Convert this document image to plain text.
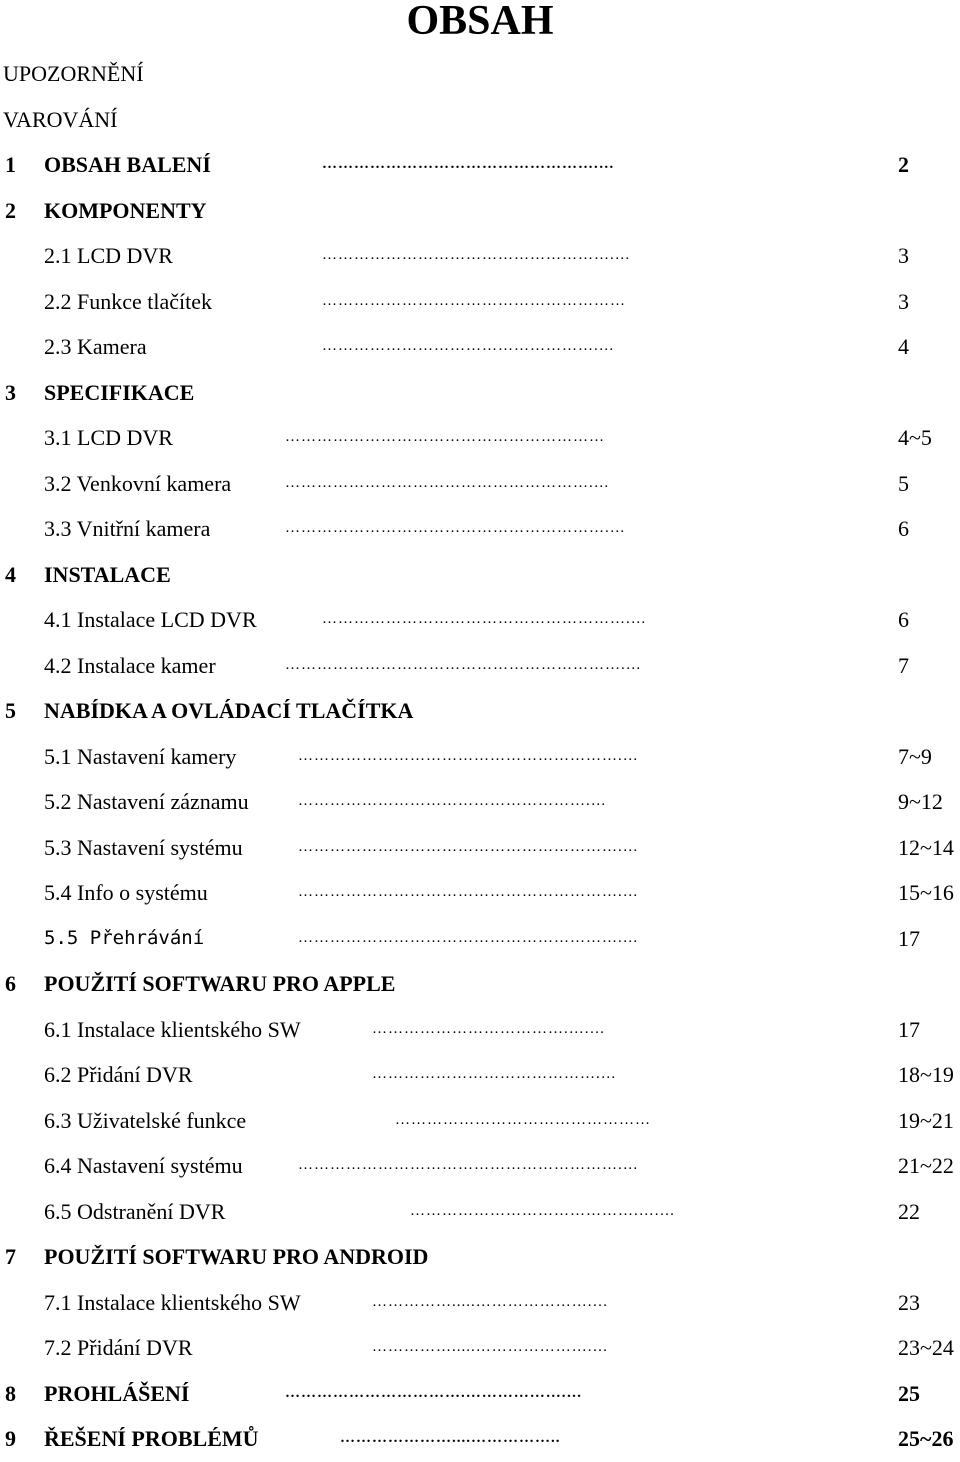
OBSAH
UPOZORNĚNÍ
VAROVÁNÍ
1 OBSAH BALENÍ	…………………………………………….…	2
2 KOMPONENTY
2.1 LCD DVR	……………………………………………….…	3
2.2 Funkce tlačítek	…………………………………………………	3
2.3 Kamera	…………………………………………….…	4
3 SPECIFIKACE
3.1 LCD DVR	……………………………………………………	4~5
3.2 Venkovní kamera	………………………………………………….…	5
3.3 Vnitřní kamera	…………………………………………………….…	6
4 INSTALACE
4.1 Instalace LCD DVR	………………………………………………….…	6
4.2 Instalace kamer	……………………………………………………….…	7
5 NABÍDKA A OVLÁDACÍ TLAČÍTKA
5.1 Nastavení kamery	…………………………………………………….…	7~9
5.2 Nastavení záznamu	……………………………………………….…	9~12
5.3 Nastavení systému	…………………………………………………….…	12~14
5.4 Info o systému	…………………………………………………….…	15~16
5.5 Přehrávání	…………………………………………………….…	17
6 POUŽITÍ SOFTWARU PRO APPLE
6.1 Instalace klientského SW	……………………………….….…	17
6.2 Přidání DVR	…………………………………….…	18~19
6.3 Uživatelské funkce	…………………………………………	19~21
6.4 Nastavení systému	…………………………………………………….…	21~22
6.5 Odstranění DVR	…………………………………….….…	22
7 POUŽITÍ SOFTWARU PRO ANDROID
7.1 Instalace klientského SW	…………….....………………….…	23
7.2 Přidání DVR	…………….....………………….…	23~24
8 PROHLÁŠENÍ	…………………………….……………….…	25
9 ŘEŠENÍ PROBLÉMŮ	…………………....……………..	25~26
